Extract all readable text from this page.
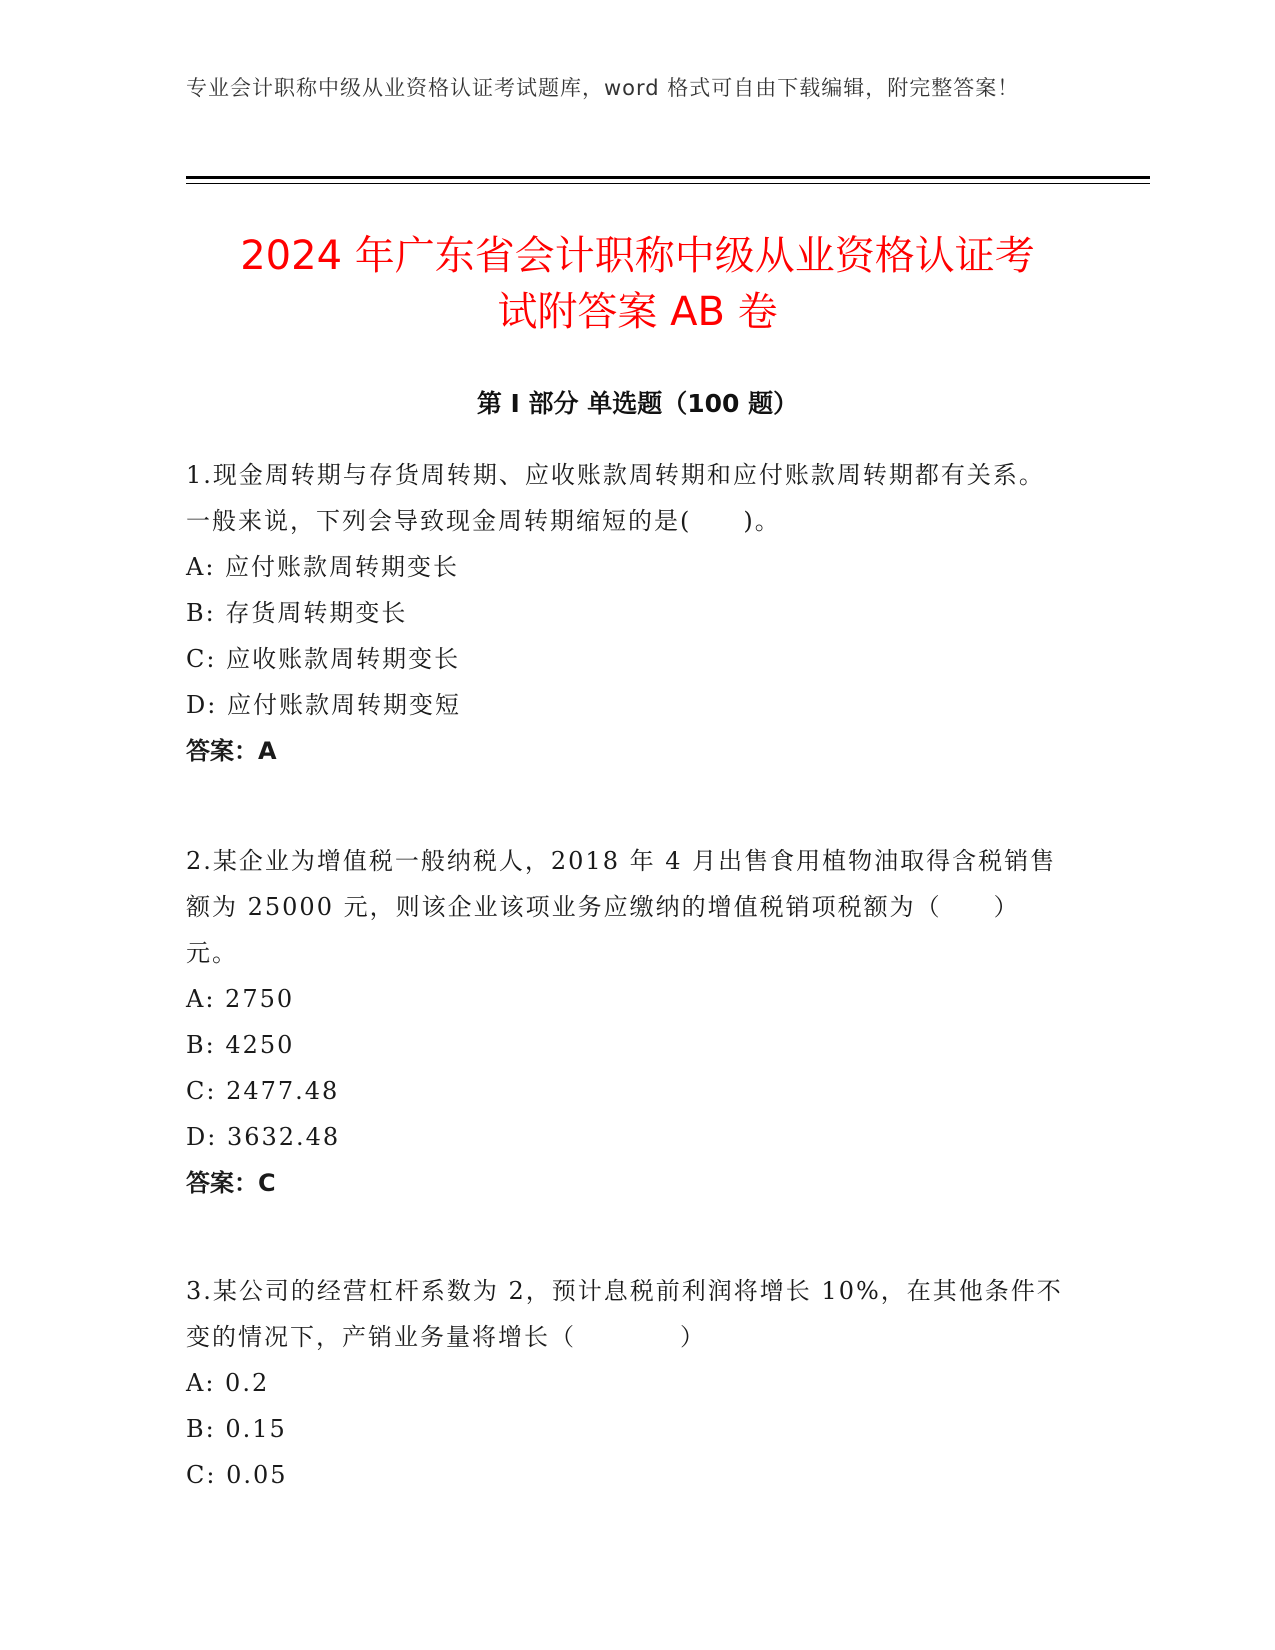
专业会计职称中级从业资格认证考试题库，word 格式可自由下载编辑，附完整答案！
2024 年广东省会计职称中级从业资格认证考
试附答案 AB 卷
第 I 部分 单选题（100 题）

1.现金周转期与存货周转期、应收账款周转期和应付账款周转期都有关系。一般来说，下列会导致现金周转期缩短的是(　　)。

A: 应付账款周转期变长

B: 存货周转期变长

C: 应收账款周转期变长

D: 应付账款周转期变短

答案：A

2.某企业为增值税一般纳税人，2018 年 4 月出售食用植物油取得含税销售额为 25000 元，则该企业该项业务应缴纳的增值税销项税额为（　　）元。

A: 2750

B: 4250

C: 2477.48

D: 3632.48

答案：C

3.某公司的经营杠杆系数为 2，预计息税前利润将增长 10%，在其他条件不变的情况下，产销业务量将增长（　　　　）

A: 0.2

B: 0.15

C: 0.05
